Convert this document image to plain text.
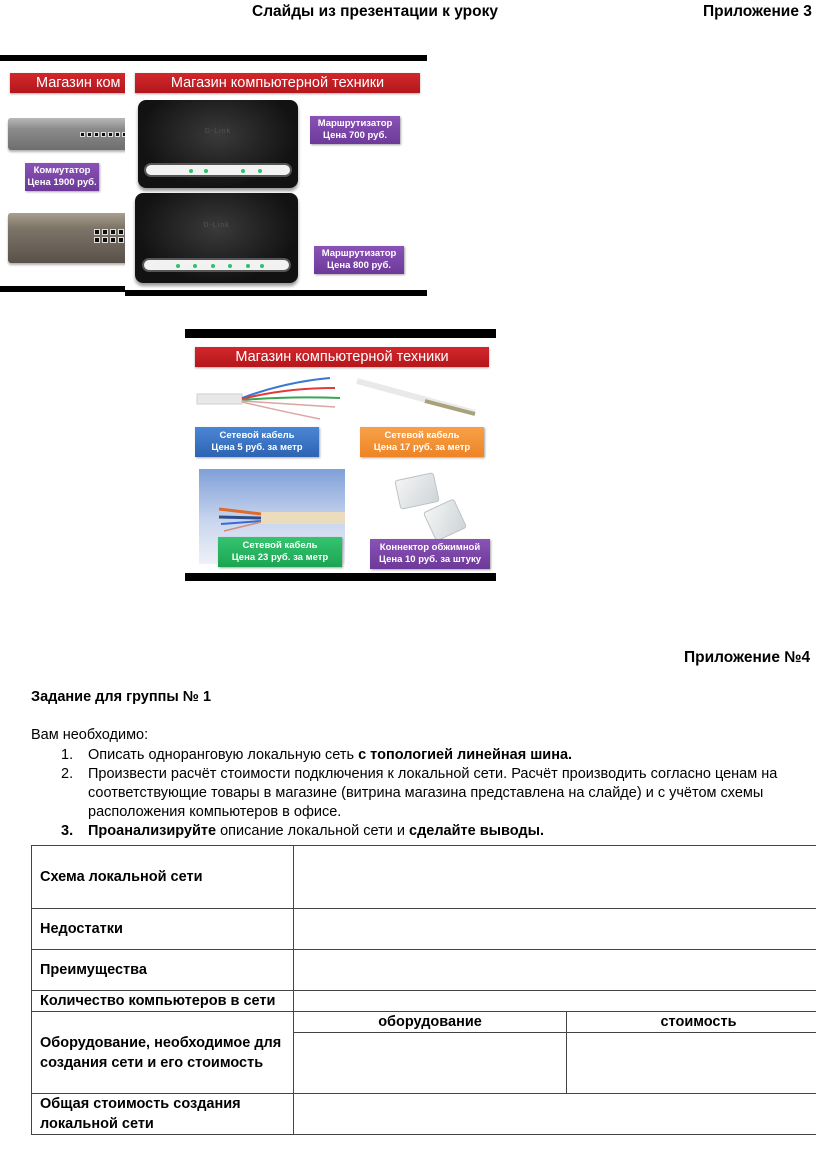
Слайды из презентации к уроку	Приложение 3
Магазин ком
Коммутатор
Цена 1900 руб.
Магазин компьютерной техники
D-Link
Маршрутизатор
Цена 700 руб.
D-Link
Маршрутизатор
Цена 800 руб.
Магазин компьютерной техники
Сетевой кабель
Цена 5 руб. за метр
Сетевой кабель
Цена 17 руб. за метр
Сетевой кабель
Цена 23 руб. за метр
Коннектор обжимной
Цена 10 руб. за штуку
Приложение №4
Задание для группы № 1
Вам необходимо:
1. Описать одноранговую локальную сеть с топологией линейная шина.
2. Произвести расчёт стоимости подключения к локальной сети. Расчёт производить согласно ценам на соответствующие товары в магазине (витрина магазина представлена на слайде) и с учётом схемы расположения компьютеров в офисе.
3. Проанализируйте описание локальной сети и сделайте выводы.
Схема локальной сети		
Недостатки		
Преимущества		
Количество компьютеров в сети		
Оборудование, необходимое для создания сети и его стоимость	оборудование	стоимость

Общая стоимость создания локальной сети		
